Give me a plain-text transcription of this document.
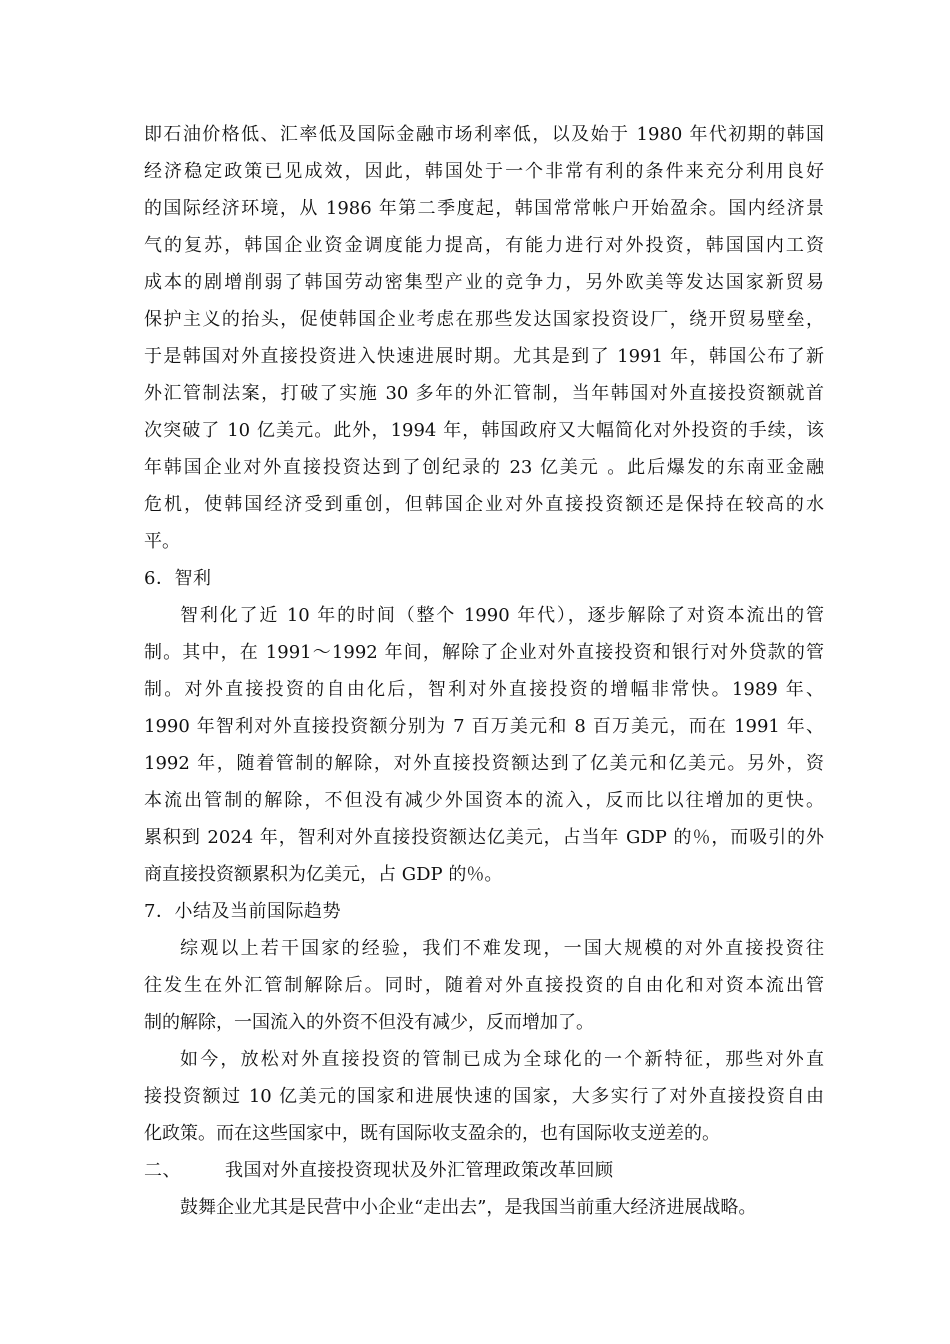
即石油价格低、汇率低及国际金融市场利率低，以及始于 1980 年代初期的韩国
经济稳定政策已见成效，因此，韩国处于一个非常有利的条件来充分利用良好
的国际经济环境，从 1986 年第二季度起，韩国常常帐户开始盈余。国内经济景
气的复苏，韩国企业资金调度能力提高，有能力进行对外投资，韩国国内工资
成本的剧增削弱了韩国劳动密集型产业的竞争力，另外欧美等发达国家新贸易
保护主义的抬头，促使韩国企业考虑在那些发达国家投资设厂，绕开贸易壁垒，
于是韩国对外直接投资进入快速进展时期。尤其是到了 1991 年，韩国公布了新
外汇管制法案，打破了实施 30 多年的外汇管制，当年韩国对外直接投资额就首
次突破了 10 亿美元。此外，1994 年，韩国政府又大幅简化对外投资的手续，该
年韩国企业对外直接投资达到了创纪录的 23 亿美元 。此后爆发的东南亚金融
危机，使韩国经济受到重创，但韩国企业对外直接投资额还是保持在较高的水
平。
6．智利
智利化了近 10 年的时间（整个 1990 年代），逐步解除了对资本流出的管
制。其中，在 1991～1992 年间，解除了企业对外直接投资和银行对外贷款的管
制。对外直接投资的自由化后，智利对外直接投资的增幅非常快。1989 年、
1990 年智利对外直接投资额分别为 7 百万美元和 8 百万美元，而在 1991 年、
1992 年，随着管制的解除，对外直接投资额达到了亿美元和亿美元。另外，资
本流出管制的解除，不但没有减少外国资本的流入，反而比以往增加的更快。
累积到 2024 年，智利对外直接投资额达亿美元，占当年 GDP 的％，而吸引的外
商直接投资额累积为亿美元，占 GDP 的％。
7．小结及当前国际趋势
综观以上若干国家的经验，我们不难发现，一国大规模的对外直接投资往
往发生在外汇管制解除后。同时，随着对外直接投资的自由化和对资本流出管
制的解除，一国流入的外资不但没有减少，反而增加了。
如今，放松对外直接投资的管制已成为全球化的一个新特征，那些对外直
接投资额过 10 亿美元的国家和进展快速的国家，大多实行了对外直接投资自由
化政策。而在这些国家中，既有国际收支盈余的，也有国际收支逆差的。
二、 我国对外直接投资现状及外汇管理政策改革回顾
鼓舞企业尤其是民营中小企业“走出去”，是我国当前重大经济进展战略。
